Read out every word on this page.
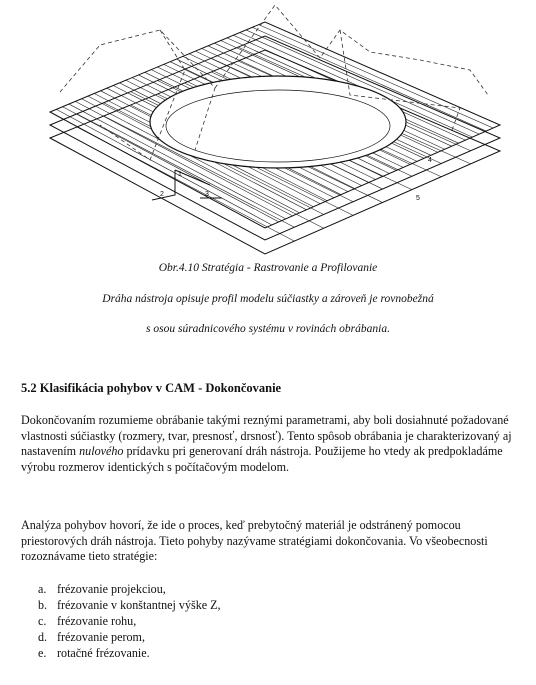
1
2	3
4
5

Obr.4.10 Stratégia - Rastrovanie a Profilovanie

Dráha nástroja opisuje profil modelu súčiastky a zároveň je rovnobežná

s osou súradnicového systému v rovinách obrábania.

5.2 Klasifikácia pohybov v CAM - Dokončovanie

Dokončovaním rozumieme obrábanie takými reznými parametrami, aby boli dosiahnuté požadované vlastnosti súčiastky (rozmery, tvar, presnosť, drsnosť). Tento spôsob obrábania je charakterizovaný aj nastavením nulového prídavku pri generovaní dráh nástroja. Použijeme ho vtedy ak predpokladáme výrobu rozmerov identických s počítačovým modelom.

Analýza pohybov hovorí, že ide o proces, keď prebytočný materiál je odstránený pomocou priestorových dráh nástroja. Tieto pohyby nazývame stratégiami dokončovania. Vo všeobecnosti rozoznávame tieto stratégie:

a. frézovanie projekciou,
b. frézovanie v konštantnej výške Z,
c. frézovanie rohu,
d. frézovanie perom,
e. rotačné frézovanie.
